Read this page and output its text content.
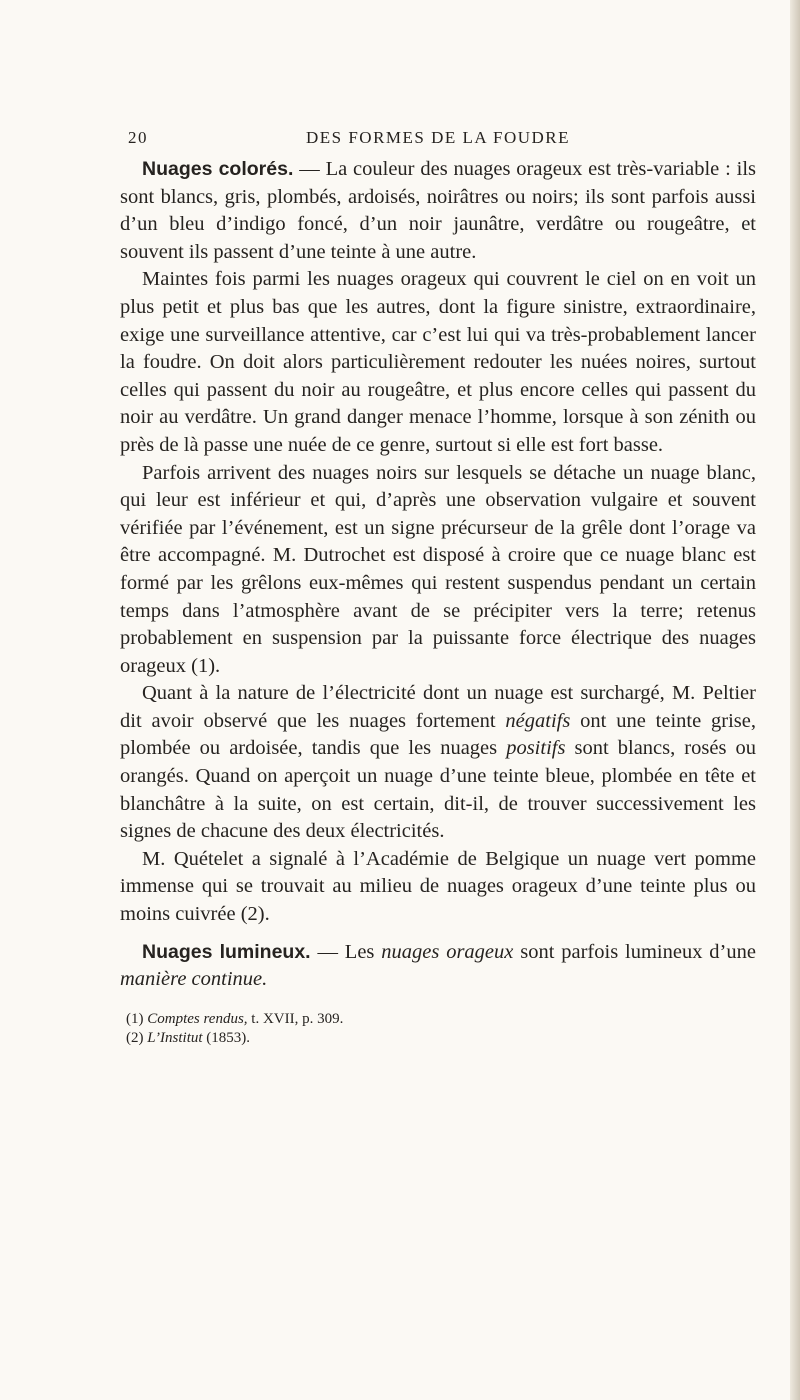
20	DES FORMES DE LA FOUDRE

Nuages colorés. — La couleur des nuages orageux est très-variable : ils sont blancs, gris, plombés, ardoisés, noirâtres ou noirs; ils sont parfois aussi d’un bleu d’indigo foncé, d’un noir jaunâtre, verdâtre ou rougeâtre, et souvent ils passent d’une teinte à une autre.

Maintes fois parmi les nuages orageux qui couvrent le ciel on en voit un plus petit et plus bas que les autres, dont la figure sinistre, extraordinaire, exige une surveillance attentive, car c’est lui qui va très-probablement lancer la foudre. On doit alors particulièrement redouter les nuées noires, surtout celles qui passent du noir au rougeâtre, et plus encore celles qui passent du noir au verdâtre. Un grand danger menace l’homme, lorsque à son zénith ou près de là passe une nuée de ce genre, surtout si elle est fort basse.

Parfois arrivent des nuages noirs sur lesquels se détache un nuage blanc, qui leur est inférieur et qui, d’après une observation vulgaire et souvent vérifiée par l’événement, est un signe précurseur de la grêle dont l’orage va être accompagné. M. Dutrochet est disposé à croire que ce nuage blanc est formé par les grêlons eux-mêmes qui restent suspendus pendant un certain temps dans l’atmosphère avant de se précipiter vers la terre; retenus probablement en suspension par la puissante force électrique des nuages orageux (1).

Quant à la nature de l’électricité dont un nuage est surchargé, M. Peltier dit avoir observé que les nuages fortement négatifs ont une teinte grise, plombée ou ardoisée, tandis que les nuages positifs sont blancs, rosés ou orangés. Quand on aperçoit un nuage d’une teinte bleue, plombée en tête et blanchâtre à la suite, on est certain, dit-il, de trouver successivement les signes de chacune des deux électricités.

M. Quételet a signalé à l’Académie de Belgique un nuage vert pomme immense qui se trouvait au milieu de nuages orageux d’une teinte plus ou moins cuivrée (2).

Nuages lumineux. — Les nuages orageux sont parfois lumineux d’une manière continue.

(1) Comptes rendus, t. XVII, p. 309.
(2) L’Institut (1853).
